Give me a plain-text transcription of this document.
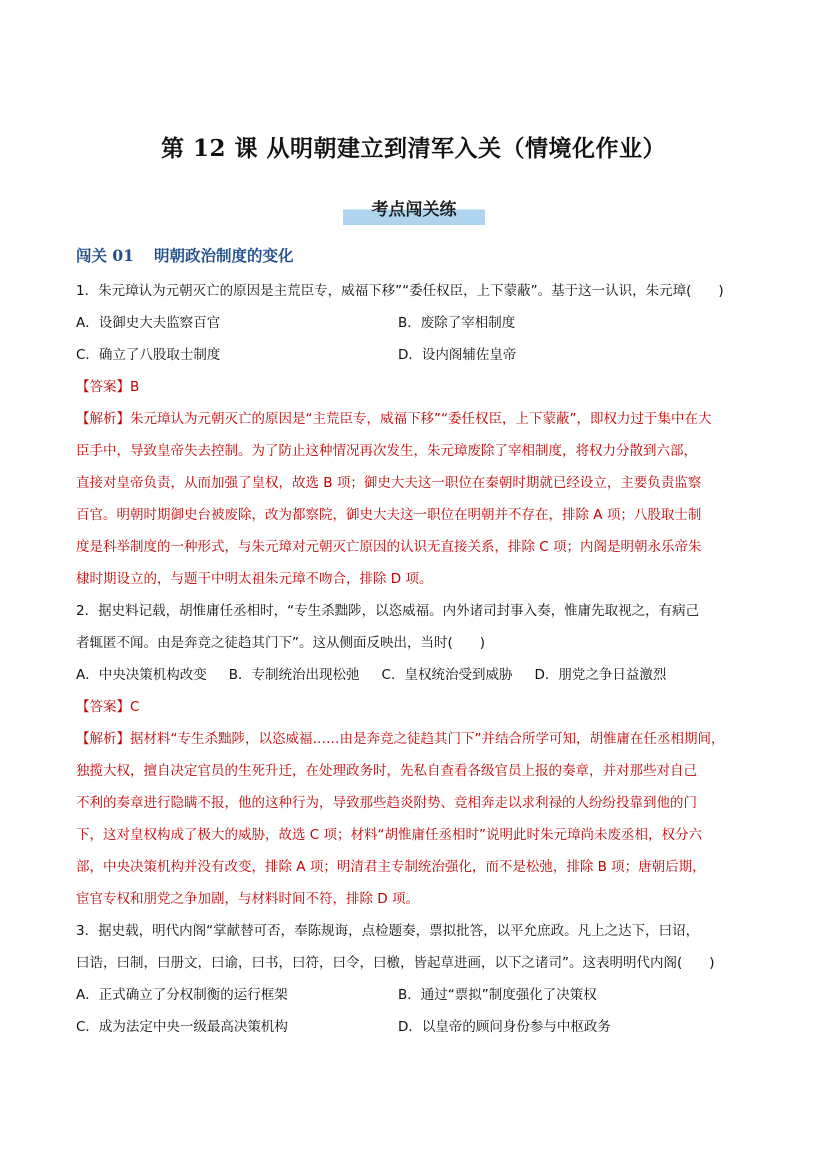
第 12 课 从明朝建立到清军入关（情境化作业）
考点闯关练
闯关 01 明朝政治制度的变化
1．朱元璋认为元朝灭亡的原因是主荒臣专，威福下移”“委任权臣，上下蒙蔽”。基于这一认识，朱元璋(　　)
A．设御史大夫监察百官	B．废除了宰相制度
C．确立了八股取士制度	D．设内阁辅佐皇帝
【答案】B
【解析】朱元璋认为元朝灭亡的原因是“主荒臣专，威福下移”“委任权臣，上下蒙蔽”，即权力过于集中在大
臣手中，导致皇帝失去控制。为了防止这种情况再次发生，朱元璋废除了宰相制度，将权力分散到六部，
直接对皇帝负责，从而加强了皇权，故选 B 项；御史大夫这一职位在秦朝时期就已经设立，主要负责监察
百官。明朝时期御史台被废除，改为都察院，御史大夫这一职位在明朝并不存在，排除 A 项；八股取士制
度是科举制度的一种形式，与朱元璋对元朝灭亡原因的认识无直接关系，排除 C 项；内阁是明朝永乐帝朱
棣时期设立的，与题干中明太祖朱元璋不吻合，排除 D 项。
2．据史料记载，胡惟庸任丞相时，“专生杀黜陟，以恣威福。内外诸司封事入奏，惟庸先取视之，有病己
者辄匿不闻。由是奔竞之徒趋其门下”。这从侧面反映出，当时(　　)
A．中央决策机构改变 B．专制统治出现松弛 C．皇权统治受到威胁 D．朋党之争日益激烈
【答案】C
【解析】据材料“专生杀黜陟，以恣威福……由是奔竞之徒趋其门下”并结合所学可知，胡惟庸在任丞相期间，
独揽大权，擅自决定官员的生死升迁，在处理政务时，先私自查看各级官员上报的奏章，并对那些对自己
不利的奏章进行隐瞒不报，他的这种行为，导致那些趋炎附势、竞相奔走以求利禄的人纷纷投靠到他的门
下，这对皇权构成了极大的威胁，故选 C 项；材料“胡惟庸任丞相时”说明此时朱元璋尚未废丞相，权分六
部，中央决策机构并没有改变，排除 A 项；明清君主专制统治强化，而不是松弛，排除 B 项；唐朝后期，
宦官专权和朋党之争加剧，与材料时间不符，排除 D 项。
3．据史载，明代内阁“掌献替可否，奉陈规诲，点检题奏，票拟批答，以平允庶政。凡上之达下，曰诏，
曰诰，曰制，曰册文，曰谕，曰书，曰符，曰令，曰檄，皆起草进画，以下之诸司”。这表明明代内阁(　　)
A．正式确立了分权制衡的运行框架	B．通过“票拟”制度强化了决策权
C．成为法定中央一级最高决策机构	D．以皇帝的顾问身份参与中枢政务
